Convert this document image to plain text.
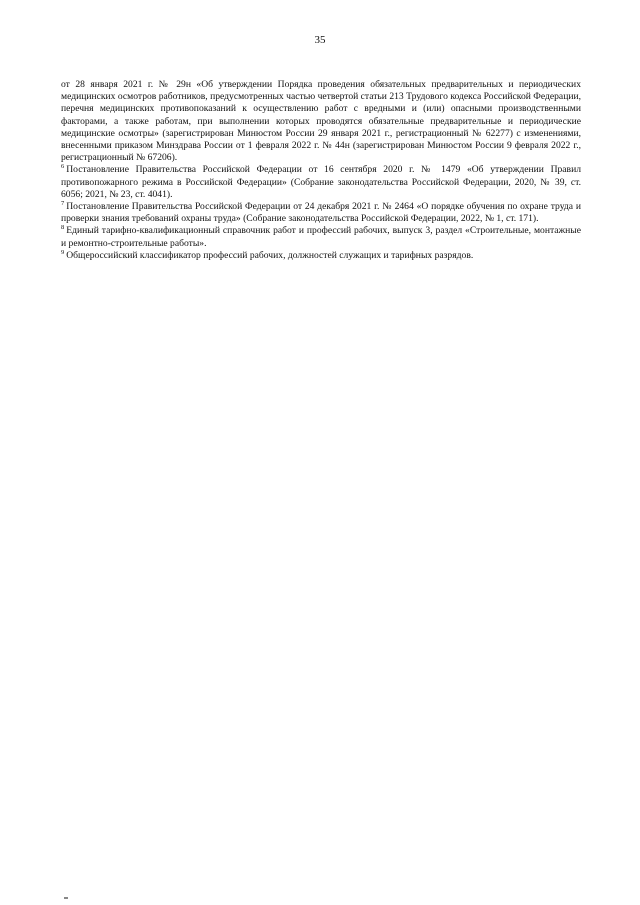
35

от 28 января 2021 г. № 29н «Об утверждении Порядка проведения обязательных предварительных и периодических медицинских осмотров работников, предусмотренных частью четвертой статьи 213 Трудового кодекса Российской Федерации, перечня медицинских противопоказаний к осуществлению работ с вредными и (или) опасными производственными факторами, а также работам, при выполнении которых проводятся обязательные предварительные и периодические медицинские осмотры» (зарегистрирован Минюстом России 29 января 2021 г., регистрационный № 62277) с изменениями, внесенными приказом Минздрава России от 1 февраля 2022 г. № 44н (зарегистрирован Минюстом России 9 февраля 2022 г., регистрационный № 67206).

$^6$ Постановление Правительства Российской Федерации от 16 сентября 2020 г. № 1479 «Об утверждении Правил противопожарного режима в Российской Федерации» (Собрание законодательства Российской Федерации, 2020, № 39, ст. 6056; 2021, № 23, ст. 4041).

$^7$ Постановление Правительства Российской Федерации от 24 декабря 2021 г. № 2464 «О порядке обучения по охране труда и проверки знания требований охраны труда» (Собрание законодательства Российской Федерации, 2022, № 1, ст. 171).

$^8$ Единый тарифно-квалификационный справочник работ и профессий рабочих, выпуск 3, раздел «Строительные, монтажные и ремонтно-строительные работы».

$^9$ Общероссийский классификатор профессий рабочих, должностей служащих и тарифных разрядов.
